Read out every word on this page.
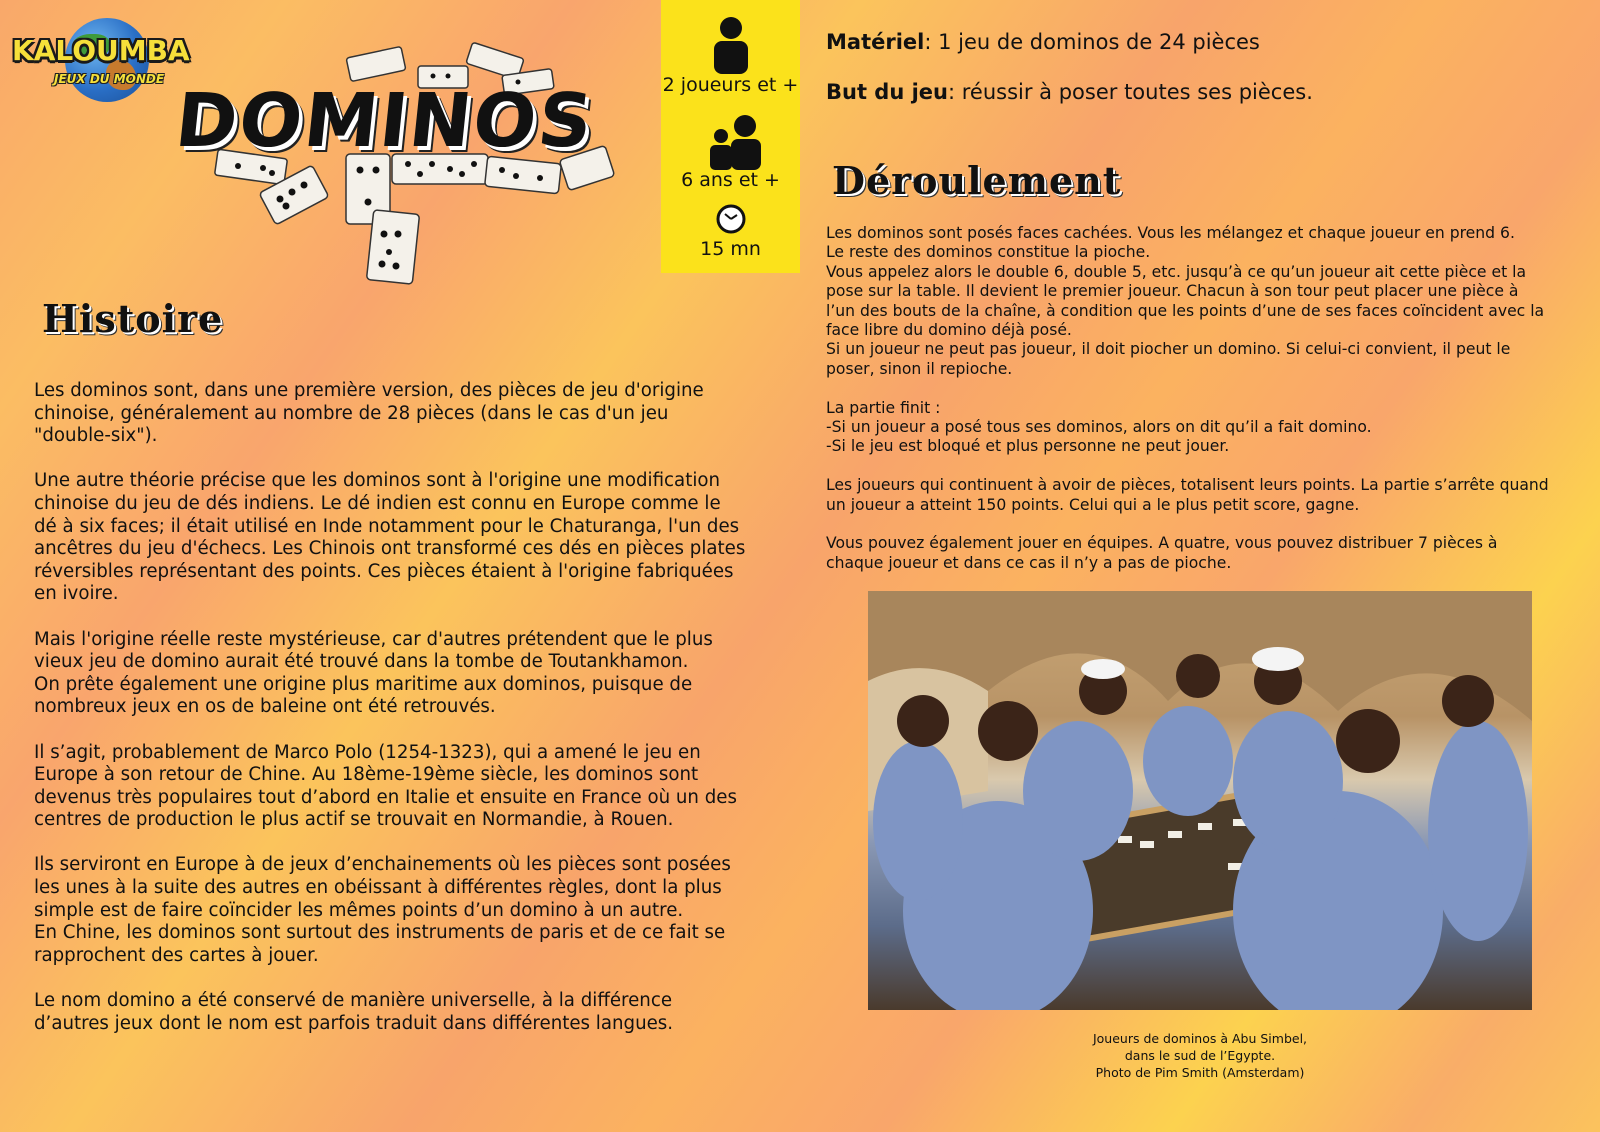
KALOUMBA
JEUX DU MONDE DOMINOS	2 joueurs et +
6 ans et +
15 mn

Matériel: 1 jeu de dominos de 24 pièces

But du jeu: réussir à poser toutes ses pièces.

Histoire

Les dominos sont, dans une première version, des pièces de jeu d'origine
chinoise, généralement au nombre de 28 pièces (dans le cas d'un jeu
"double-six").

Une autre théorie précise que les dominos sont à l'origine une modification
chinoise du jeu de dés indiens. Le dé indien est connu en Europe comme le
dé à six faces; il était utilisé en Inde notamment pour le Chaturanga, l'un des
ancêtres du jeu d'échecs. Les Chinois ont transformé ces dés en pièces plates
réversibles représentant des points. Ces pièces étaient à l'origine fabriquées
en ivoire.

Mais l'origine réelle reste mystérieuse, car d'autres prétendent que le plus
vieux jeu de domino aurait été trouvé dans la tombe de Toutankhamon.
On prête également une origine plus maritime aux dominos, puisque de
nombreux jeux en os de baleine ont été retrouvés.

Il s’agit, probablement de Marco Polo (1254-1323), qui a amené le jeu en
Europe à son retour de Chine. Au 18ème-19ème siècle, les dominos sont
devenus très populaires tout d’abord en Italie et ensuite en France où un des
centres de production le plus actif se trouvait en Normandie, à Rouen.

Ils serviront en Europe à de jeux d’enchainements où les pièces sont posées
les unes à la suite des autres en obéissant à différentes règles, dont la plus
simple est de faire coïncider les mêmes points d’un domino à un autre.
En Chine, les dominos sont surtout des instruments de paris et de ce fait se
rapprochent des cartes à jouer.

Le nom domino a été conservé de manière universelle, à la différence
d’autres jeux dont le nom est parfois traduit dans différentes langues.

Déroulement

Les dominos sont posés faces cachées. Vous les mélangez et chaque joueur en prend 6.
Le reste des dominos constitue la pioche.
Vous appelez alors le double 6, double 5, etc. jusqu’à ce qu’un joueur ait cette pièce et la
pose sur la table. Il devient le premier joueur. Chacun à son tour peut placer une pièce à
l’un des bouts de la chaîne, à condition que les points d’une de ses faces coïncident avec la
face libre du domino déjà posé.
Si un joueur ne peut pas joueur, il doit piocher un domino. Si celui-ci convient, il peut le
poser, sinon il repioche.

La partie finit :
-Si un joueur a posé tous ses dominos, alors on dit qu’il a fait domino.
-Si le jeu est bloqué et plus personne ne peut jouer.

Les joueurs qui continuent à avoir de pièces, totalisent leurs points. La partie s’arrête quand
un joueur a atteint 150 points. Celui qui a le plus petit score, gagne.

Vous pouvez également jouer en équipes. A quatre, vous pouvez distribuer 7 pièces à
chaque joueur et dans ce cas il n’y a pas de pioche.

Joueurs de dominos à Abu Simbel,
dans le sud de l’Egypte.
Photo de Pim Smith (Amsterdam)
